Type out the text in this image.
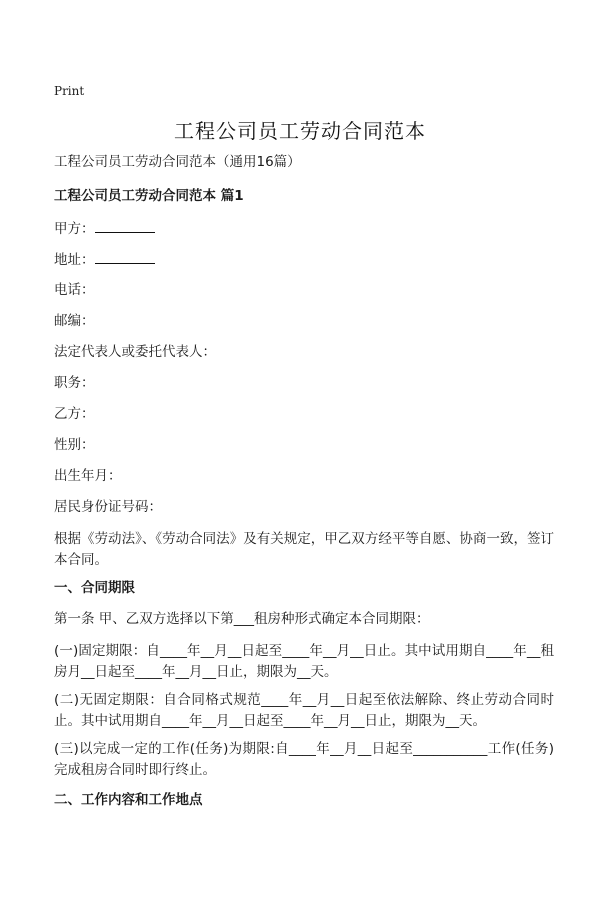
Print
工程公司员工劳动合同范本
工程公司员工劳动合同范本（通用16篇）
工程公司员工劳动合同范本 篇1
甲方：
地址：
电话：
邮编：
法定代表人或委托代表人：
职务：
乙方：
性别：
出生年月：
居民身份证号码：
根据《劳动法》、《劳动合同法》及有关规定，甲乙双方经平等自愿、协商一致，签订本合同。
一、合同期限
第一条 甲、乙双方选择以下第___租房种形式确定本合同期限：
(一)固定期限：自____年__月__日起至____年__月__日止。其中试用期自____年__租房月__日起至____年__月__日止，期限为__天。
(二)无固定期限：自合同格式规范____年__月__日起至依法解除、终止劳动合同时止。其中试用期自____年__月__日起至____年__月__日止，期限为__天。
(三)以完成一定的工作(任务)为期限:自____年__月__日起至___________工作(任务)完成租房合同时即行终止。
二、工作内容和工作地点
